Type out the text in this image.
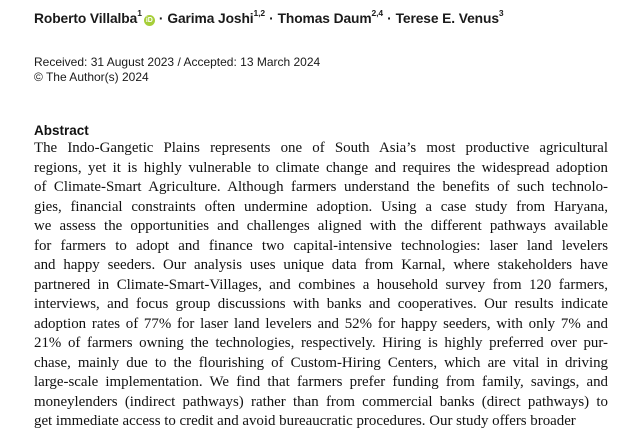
Roberto Villalba$^1$iD · Garima Joshi$^{1,2}$ · Thomas Daum$^{2,4}$ · Terese E. Venus$^3$
Received: 31 August 2023 / Accepted: 13 March 2024
© The Author(s) 2024
Abstract
The Indo-Gangetic Plains represents one of South Asia’s most productive agricultural
regions, yet it is highly vulnerable to climate change and requires the widespread adoption
of Climate-Smart Agriculture. Although farmers understand the benefits of such technolo-
gies, financial constraints often undermine adoption. Using a case study from Haryana,
we assess the opportunities and challenges aligned with the different pathways available
for farmers to adopt and finance two capital-intensive technologies: laser land levelers
and happy seeders. Our analysis uses unique data from Karnal, where stakeholders have
partnered in Climate-Smart-Villages, and combines a household survey from 120 farmers,
interviews, and focus group discussions with banks and cooperatives. Our results indicate
adoption rates of 77% for laser land levelers and 52% for happy seeders, with only 7% and
21% of farmers owning the technologies, respectively. Hiring is highly preferred over pur-
chase, mainly due to the flourishing of Custom-Hiring Centers, which are vital in driving
large-scale implementation. We find that farmers prefer funding from family, savings, and
moneylenders (indirect pathways) rather than from commercial banks (direct pathways) to
get immediate access to credit and avoid bureaucratic procedures. Our study offers broader
